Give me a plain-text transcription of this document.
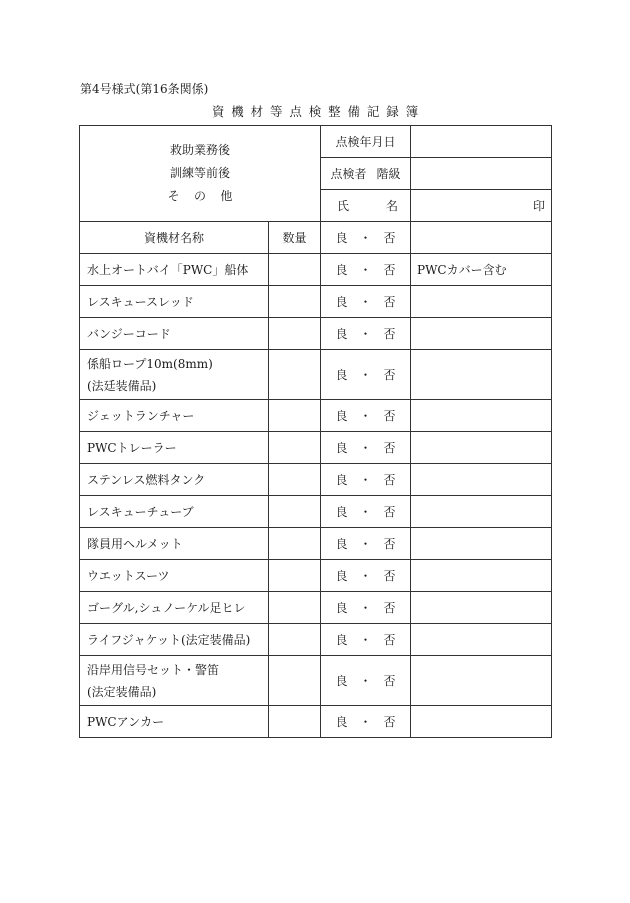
第4号様式(第16条関係)
資機材等点検整備記録簿
救助業務後
訓練等前後
その他		点検年月日	
		点検者 階級	

		氏 名	印
資機材名称	数量	良 ・ 否	

水上オートバイ「PWC」船体		良 ・ 否	PWCカバー含む

レスキュースレッド		良 ・ 否	

バンジーコード		良 ・ 否	

係船ロープ10m(8mm)
(法廷装備品)		良 ・ 否	

ジェットランチャー		良 ・ 否	

PWCトレーラー		良 ・ 否	

ステンレス燃料タンク		良 ・ 否	

レスキューチューブ		良 ・ 否	

隊員用ヘルメット		良 ・ 否	

ウエットスーツ		良 ・ 否	

ゴーグル,シュノーケル足ヒレ		良 ・ 否	

ライフジャケット(法定装備品)		良 ・ 否	

沿岸用信号セット・警笛
(法定装備品)		良 ・ 否	

PWCアンカー		良 ・ 否	
